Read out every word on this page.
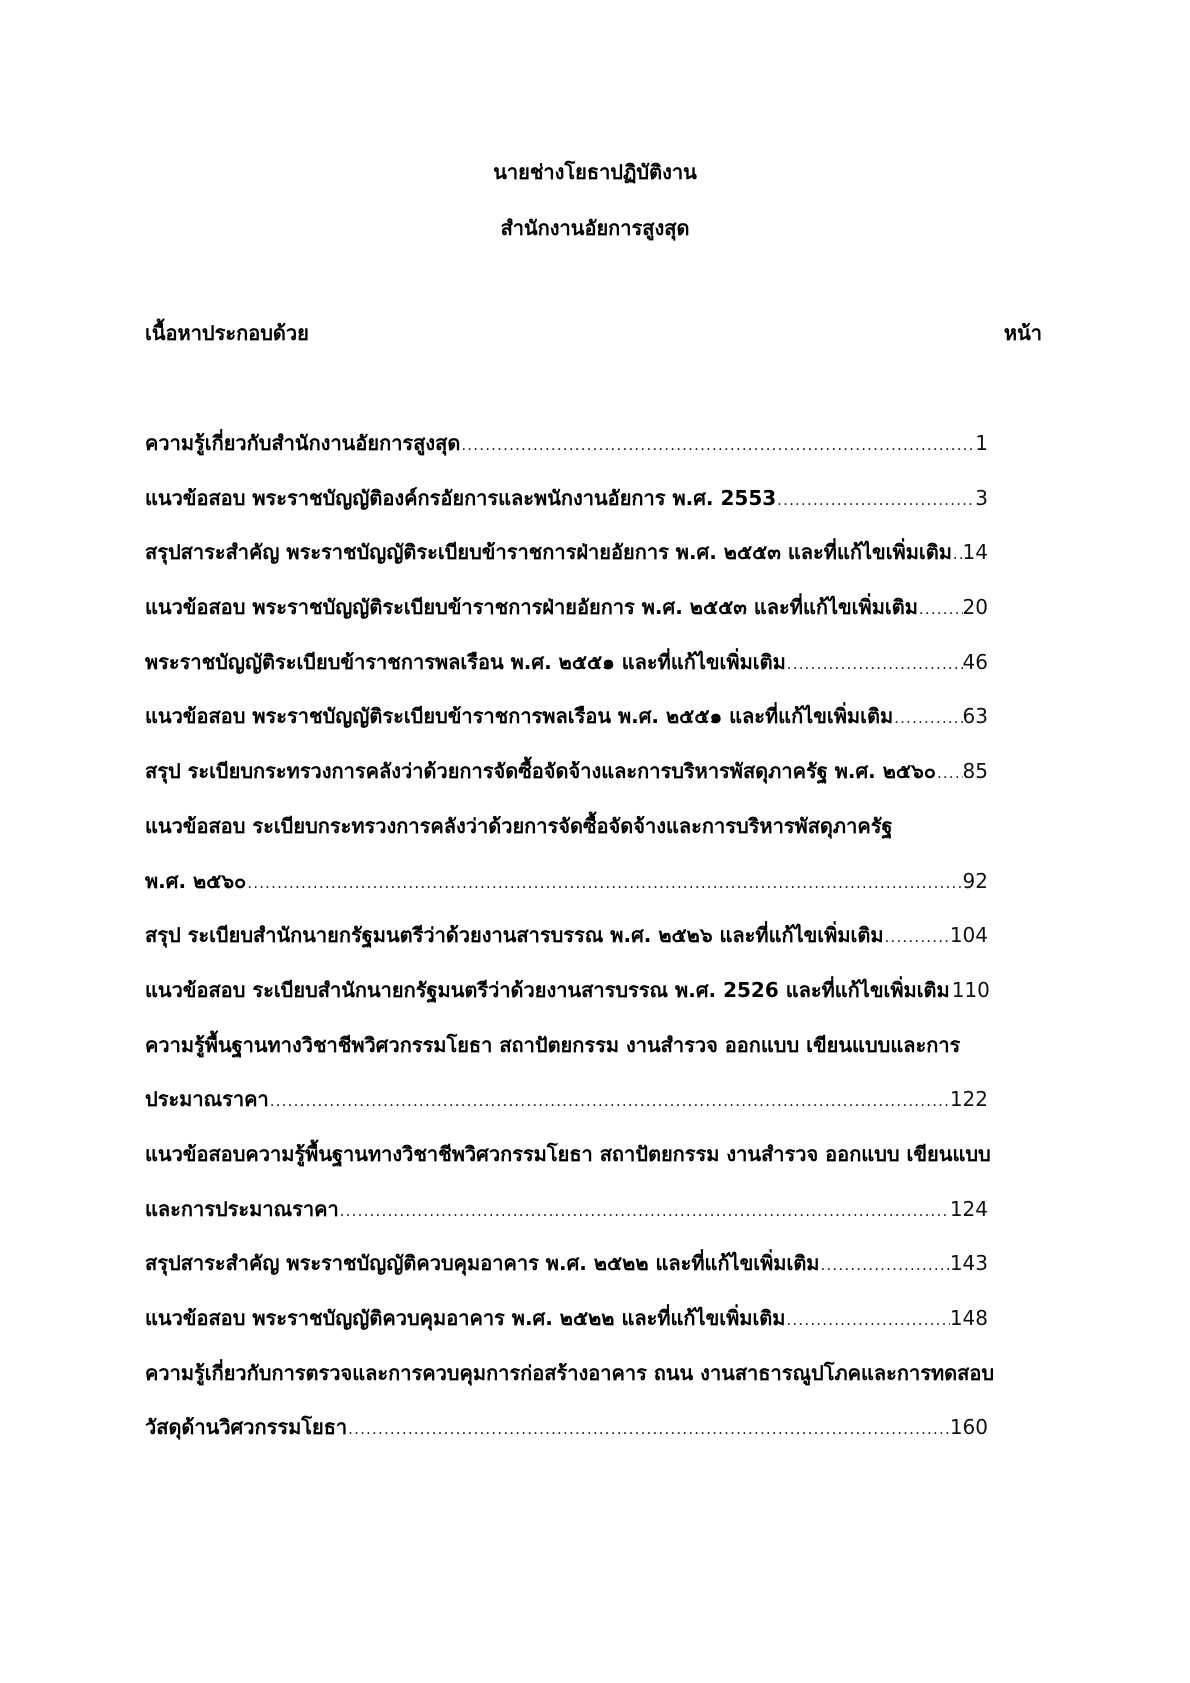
นายช่างโยธาปฏิบัติงาน
สำนักงานอัยการสูงสุด
เนื้อหาประกอบด้วย	หน้า
ความรู้เกี่ยวกับสำนักงานอัยการสูงสุด .....	1
แนวข้อสอบ พระราชบัญญัติองค์กรอัยการและพนักงานอัยการ พ.ศ. 2553 .....	3
สรุปสาระสำคัญ พระราชบัญญัติระเบียบข้าราชการฝ่ายอัยการ พ.ศ. ๒๕๕๓ และที่แก้ไขเพิ่มเติม ..... 14
แนวข้อสอบ พระราชบัญญัติระเบียบข้าราชการฝ่ายอัยการ พ.ศ. ๒๕๕๓ และที่แก้ไขเพิ่มเติม ..... 20
พระราชบัญญัติระเบียบข้าราชการพลเรือน พ.ศ. ๒๕๕๑ และที่แก้ไขเพิ่มเติม .....	46
แนวข้อสอบ พระราชบัญญัติระเบียบข้าราชการพลเรือน พ.ศ. ๒๕๕๑ และที่แก้ไขเพิ่มเติม .....	63
สรุป ระเบียบกระทรวงการคลังว่าด้วยการจัดซื้อจัดจ้างและการบริหารพัสดุภาครัฐ พ.ศ. ๒๕๖๐ ..... 85
แนวข้อสอบ ระเบียบกระทรวงการคลังว่าด้วยการจัดซื้อจัดจ้างและการบริหารพัสดุภาครัฐ
พ.ศ. ๒๕๖๐ .....	92
สรุป ระเบียบสำนักนายกรัฐมนตรีว่าด้วยงานสารบรรณ พ.ศ. ๒๕๒๖ และที่แก้ไขเพิ่มเติม .....	104
แนวข้อสอบ ระเบียบสำนักนายกรัฐมนตรีว่าด้วยงานสารบรรณ พ.ศ. 2526 และที่แก้ไขเพิ่มเติม ..... 110
ความรู้พื้นฐานทางวิชาชีพวิศวกรรมโยธา สถาปัตยกรรม งานสำรวจ ออกแบบ เขียนแบบและการ
ประมาณราคา .....	122
แนวข้อสอบความรู้พื้นฐานทางวิชาชีพวิศวกรรมโยธา สถาปัตยกรรม งานสำรวจ ออกแบบ เขียนแบบ
และการประมาณราคา .....	124
สรุปสาระสำคัญ พระราชบัญญัติควบคุมอาคาร พ.ศ. ๒๕๒๒ และที่แก้ไขเพิ่มเติม .....	143
แนวข้อสอบ พระราชบัญญัติควบคุมอาคาร พ.ศ. ๒๕๒๒ และที่แก้ไขเพิ่มเติม .....	148
ความรู้เกี่ยวกับการตรวจและการควบคุมการก่อสร้างอาคาร ถนน งานสาธารณูปโภคและการทดสอบ
วัสดุด้านวิศวกรรมโยธา .....	160
